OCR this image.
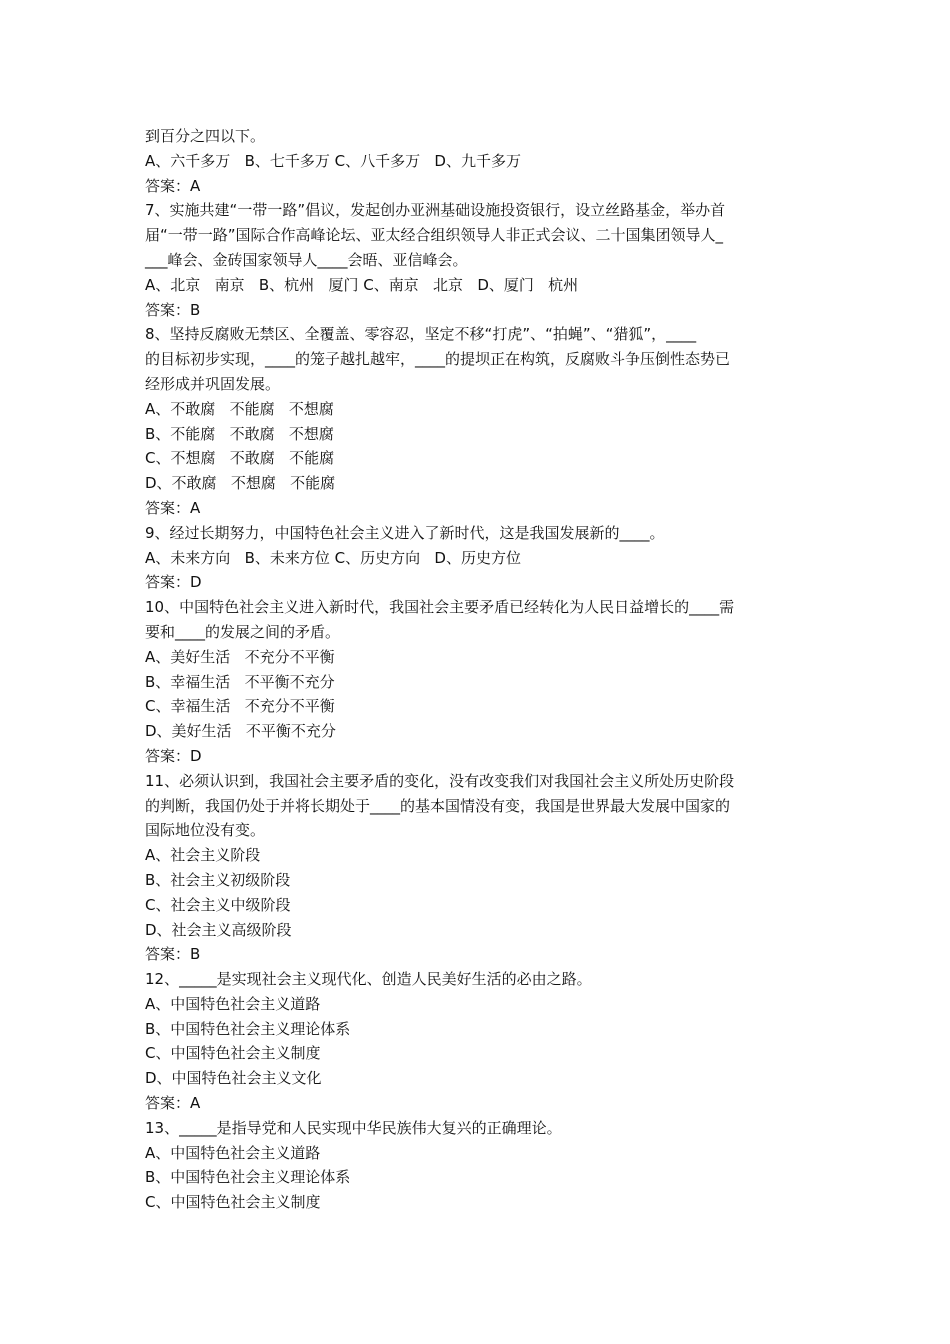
到百分之四以下。
A、六千多万   B、七千多万 C、八千多万   D、九千多万
答案：A
7、实施共建“一带一路”倡议，发起创办亚洲基础设施投资银行，设立丝路基金，举办首
届“一带一路”国际合作高峰论坛、亚太经合组织领导人非正式会议、二十国集团领导人_
___峰会、金砖国家领导人____会晤、亚信峰会。
A、北京   南京   B、杭州   厦门 C、南京   北京   D、厦门   杭州
答案：B
8、坚持反腐败无禁区、全覆盖、零容忍，坚定不移“打虎”、“拍蝇”、“猎狐”，____
的目标初步实现，____的笼子越扎越牢，____的提坝正在构筑，反腐败斗争压倒性态势已
经形成并巩固发展。
A、不敢腐   不能腐   不想腐
B、不能腐   不敢腐   不想腐
C、不想腐   不敢腐   不能腐
D、不敢腐   不想腐   不能腐
答案：A
9、经过长期努力，中国特色社会主义进入了新时代，这是我国发展新的____。
A、未来方向   B、未来方位 C、历史方向   D、历史方位
答案：D
10、中国特色社会主义进入新时代，我国社会主要矛盾已经转化为人民日益增长的____需
要和____的发展之间的矛盾。
A、美好生活   不充分不平衡
B、幸福生活   不平衡不充分
C、幸福生活   不充分不平衡
D、美好生活   不平衡不充分
答案：D
11、必须认识到，我国社会主要矛盾的变化，没有改变我们对我国社会主义所处历史阶段
的判断，我国仍处于并将长期处于____的基本国情没有变，我国是世界最大发展中国家的
国际地位没有变。
A、社会主义阶段
B、社会主义初级阶段
C、社会主义中级阶段
D、社会主义高级阶段
答案：B
12、_____是实现社会主义现代化、创造人民美好生活的必由之路。
A、中国特色社会主义道路
B、中国特色社会主义理论体系
C、中国特色社会主义制度
D、中国特色社会主义文化
答案：A
13、_____是指导党和人民实现中华民族伟大复兴的正确理论。
A、中国特色社会主义道路
B、中国特色社会主义理论体系
C、中国特色社会主义制度
